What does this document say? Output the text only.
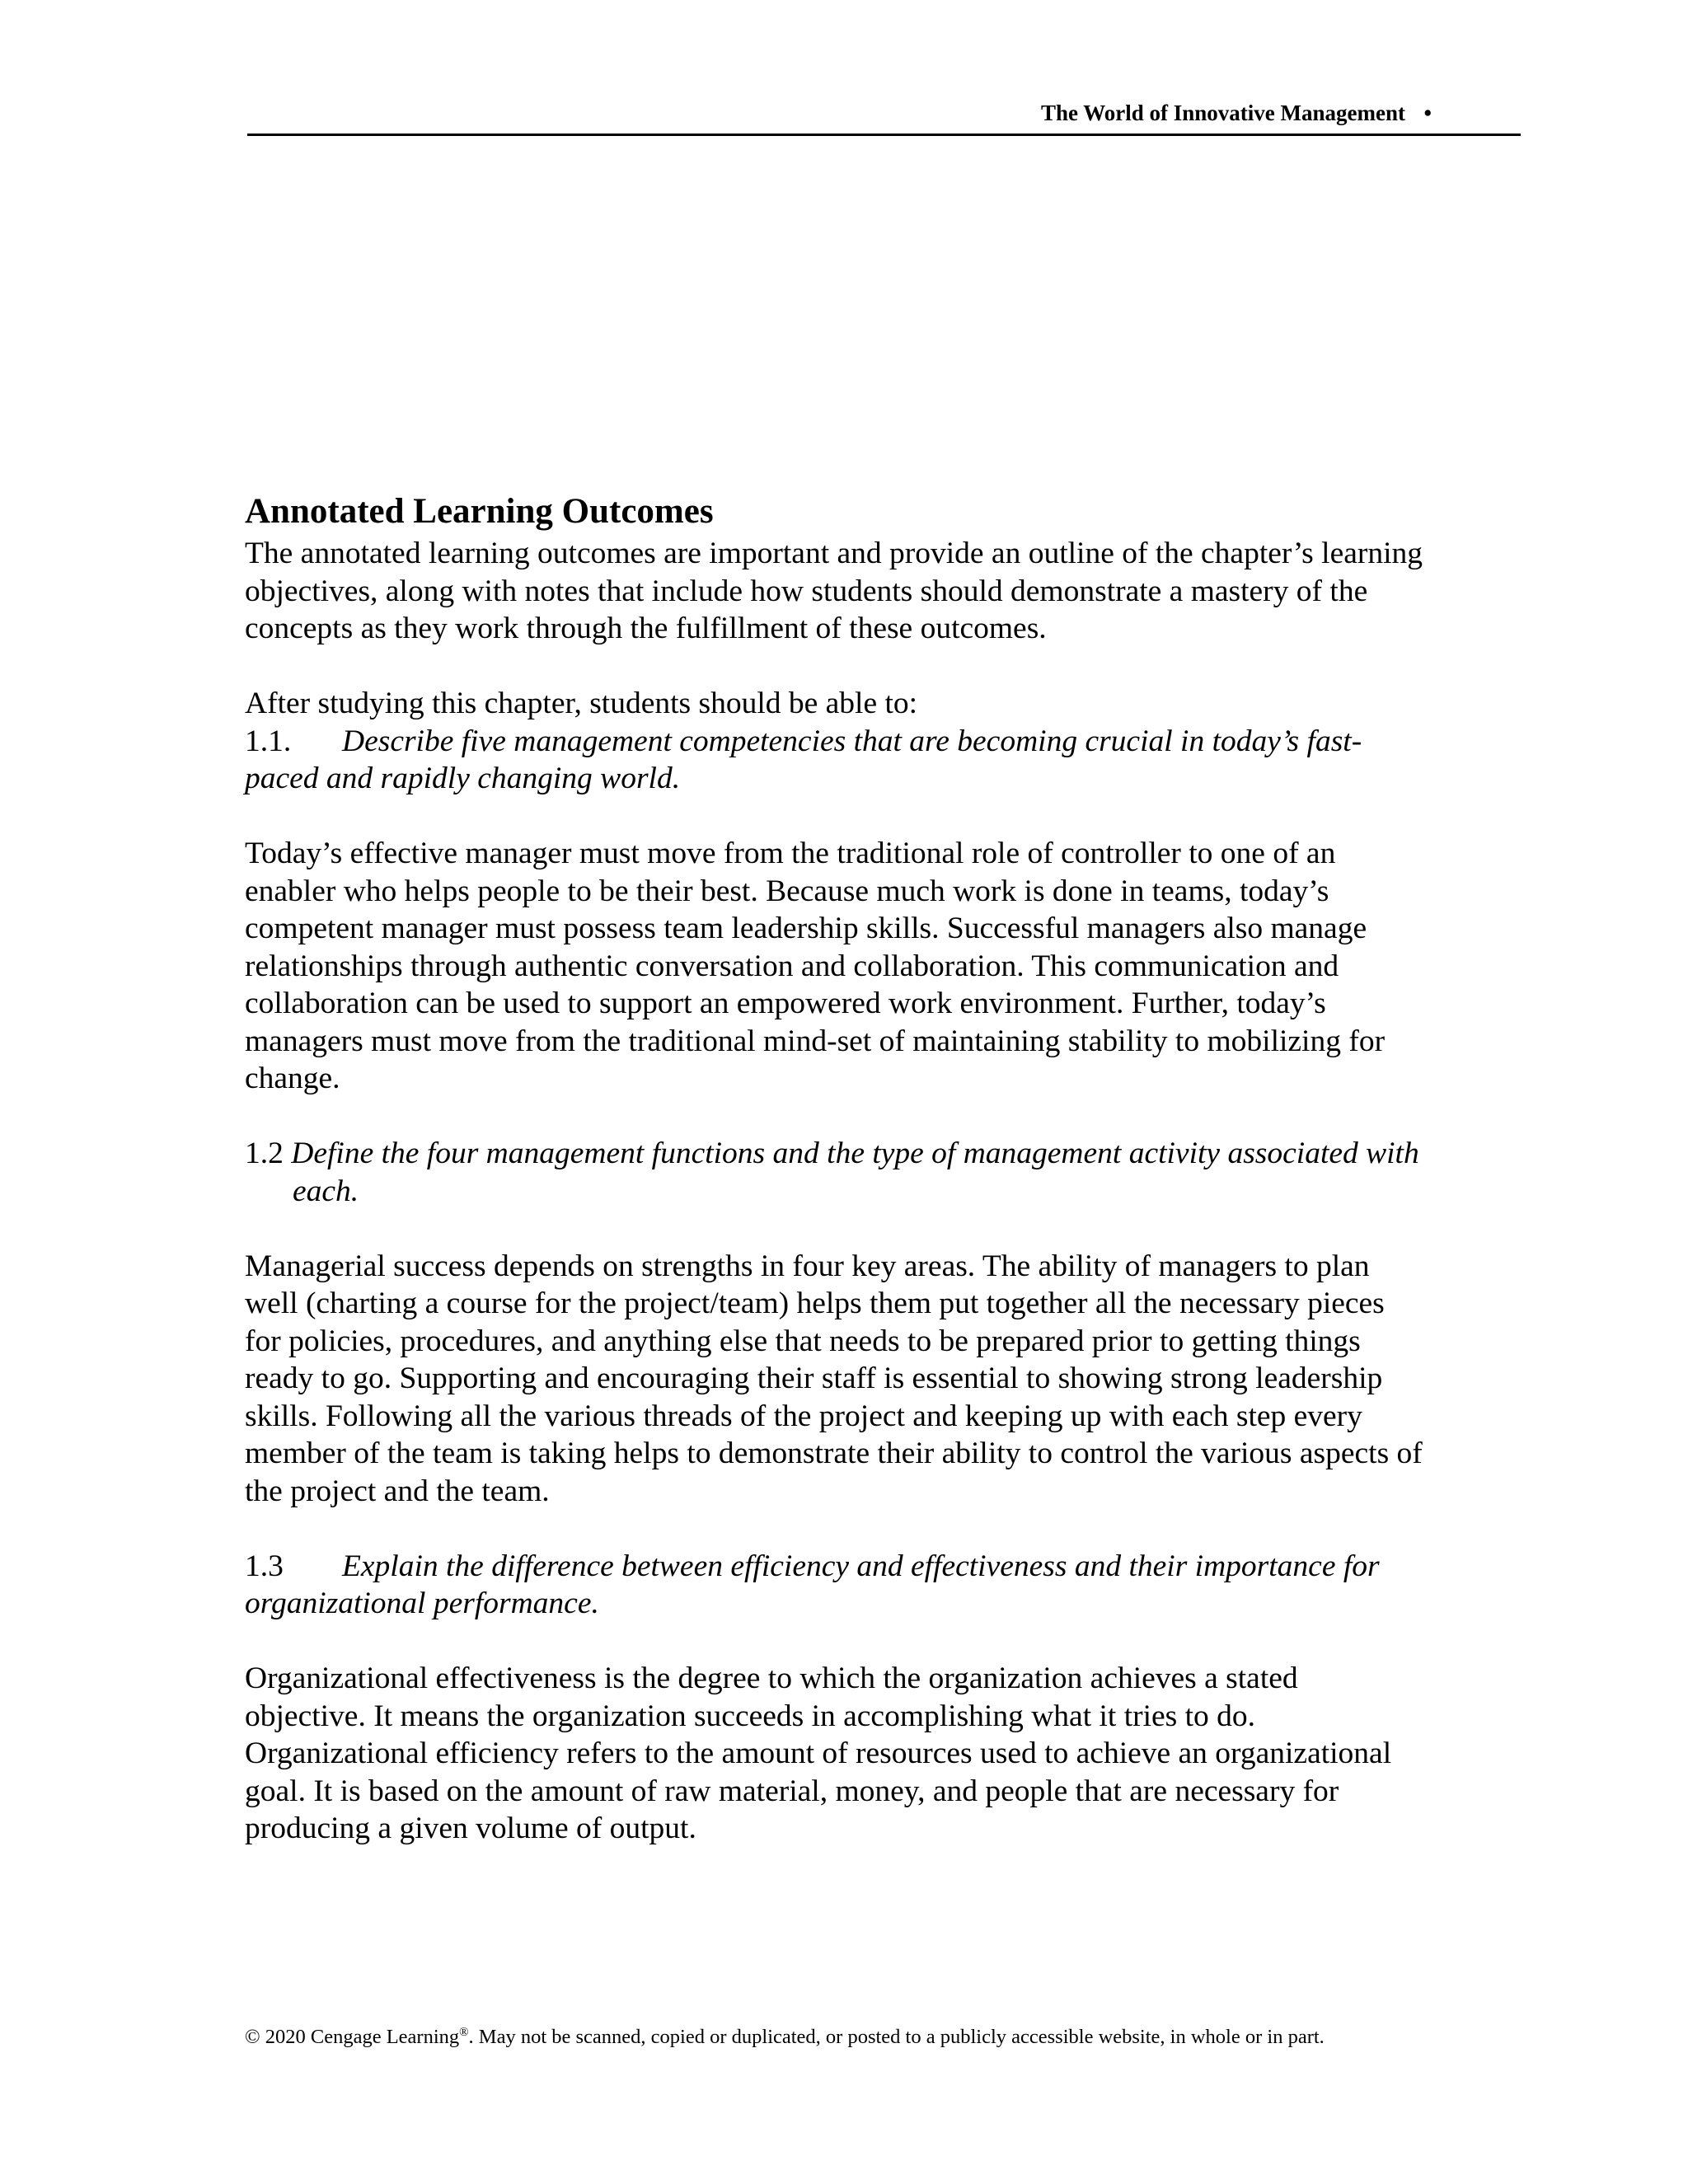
The World of Innovative Management •
Annotated Learning Outcomes

The annotated learning outcomes are important and provide an outline of the chapter’s learning objectives, along with notes that include how students should demonstrate a mastery of the concepts as they work through the fulfillment of these outcomes.

After studying this chapter, students should be able to:

1.1. Describe five management competencies that are becoming crucial in today’s fast-paced and rapidly changing world.

Today’s effective manager must move from the traditional role of controller to one of an enabler who helps people to be their best. Because much work is done in teams, today’s competent manager must possess team leadership skills. Successful managers also manage relationships through authentic conversation and collaboration. This communication and collaboration can be used to support an empowered work environment. Further, today’s managers must move from the traditional mind-set of maintaining stability to mobilizing for change.

1.2 Define the four management functions and the type of management activity associated with each.

Managerial success depends on strengths in four key areas. The ability of managers to plan well (charting a course for the project/team) helps them put together all the necessary pieces for policies, procedures, and anything else that needs to be prepared prior to getting things ready to go. Supporting and encouraging their staff is essential to showing strong leadership skills. Following all the various threads of the project and keeping up with each step every member of the team is taking helps to demonstrate their ability to control the various aspects of the project and the team.

1.3 Explain the difference between efficiency and effectiveness and their importance for organizational performance.

Organizational effectiveness is the degree to which the organization achieves a stated objective. It means the organization succeeds in accomplishing what it tries to do. Organizational efficiency refers to the amount of resources used to achieve an organizational goal. It is based on the amount of raw material, money, and people that are necessary for producing a given volume of output.

© 2020 Cengage Learning®. May not be scanned, copied or duplicated, or posted to a publicly accessible website, in whole or in part.
